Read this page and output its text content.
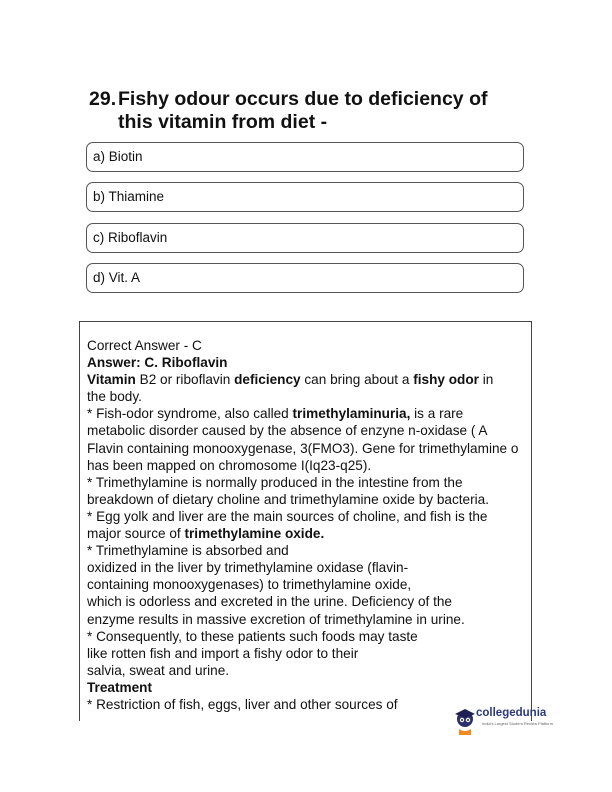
29. Fishy odour occurs due to deficiency of
this vitamin from diet -
a) Biotin
b) Thiamine
c) Riboflavin
d) Vit. A
Correct Answer - C
Answer: C. Riboflavin
Vitamin B2 or riboflavin deficiency can bring about a fishy odor in
the body.
* Fish-odor syndrome, also called trimethylaminuria, is a rare
metabolic disorder caused by the absence of enzyne n-oxidase ( A
Flavin containing monooxygenase, 3(FMO3). Gene for trimethylamine o
has been mapped on chromosome I(Iq23-q25).
* Trimethylamine is normally produced in the intestine from the
breakdown of dietary choline and trimethylamine oxide by bacteria.
* Egg yolk and liver are the main sources of choline, and fish is the
major source of trimethylamine oxide.
* Trimethylamine is absorbed and
oxidized in the liver by trimethylamine oxidase (flavin-
containing monooxygenases) to trimethylamine oxide,
which is odorless and excreted in the urine. Deficiency of the
enzyme results in massive excretion of trimethylamine in urine.
* Consequently, to these patients such foods may taste
like rotten fish and import a fishy odor to their
salvia, sweat and urine.
Treatment
* Restriction of fish, eggs, liver and other sources of
collegedunia
India's Largest Student Review Platform
